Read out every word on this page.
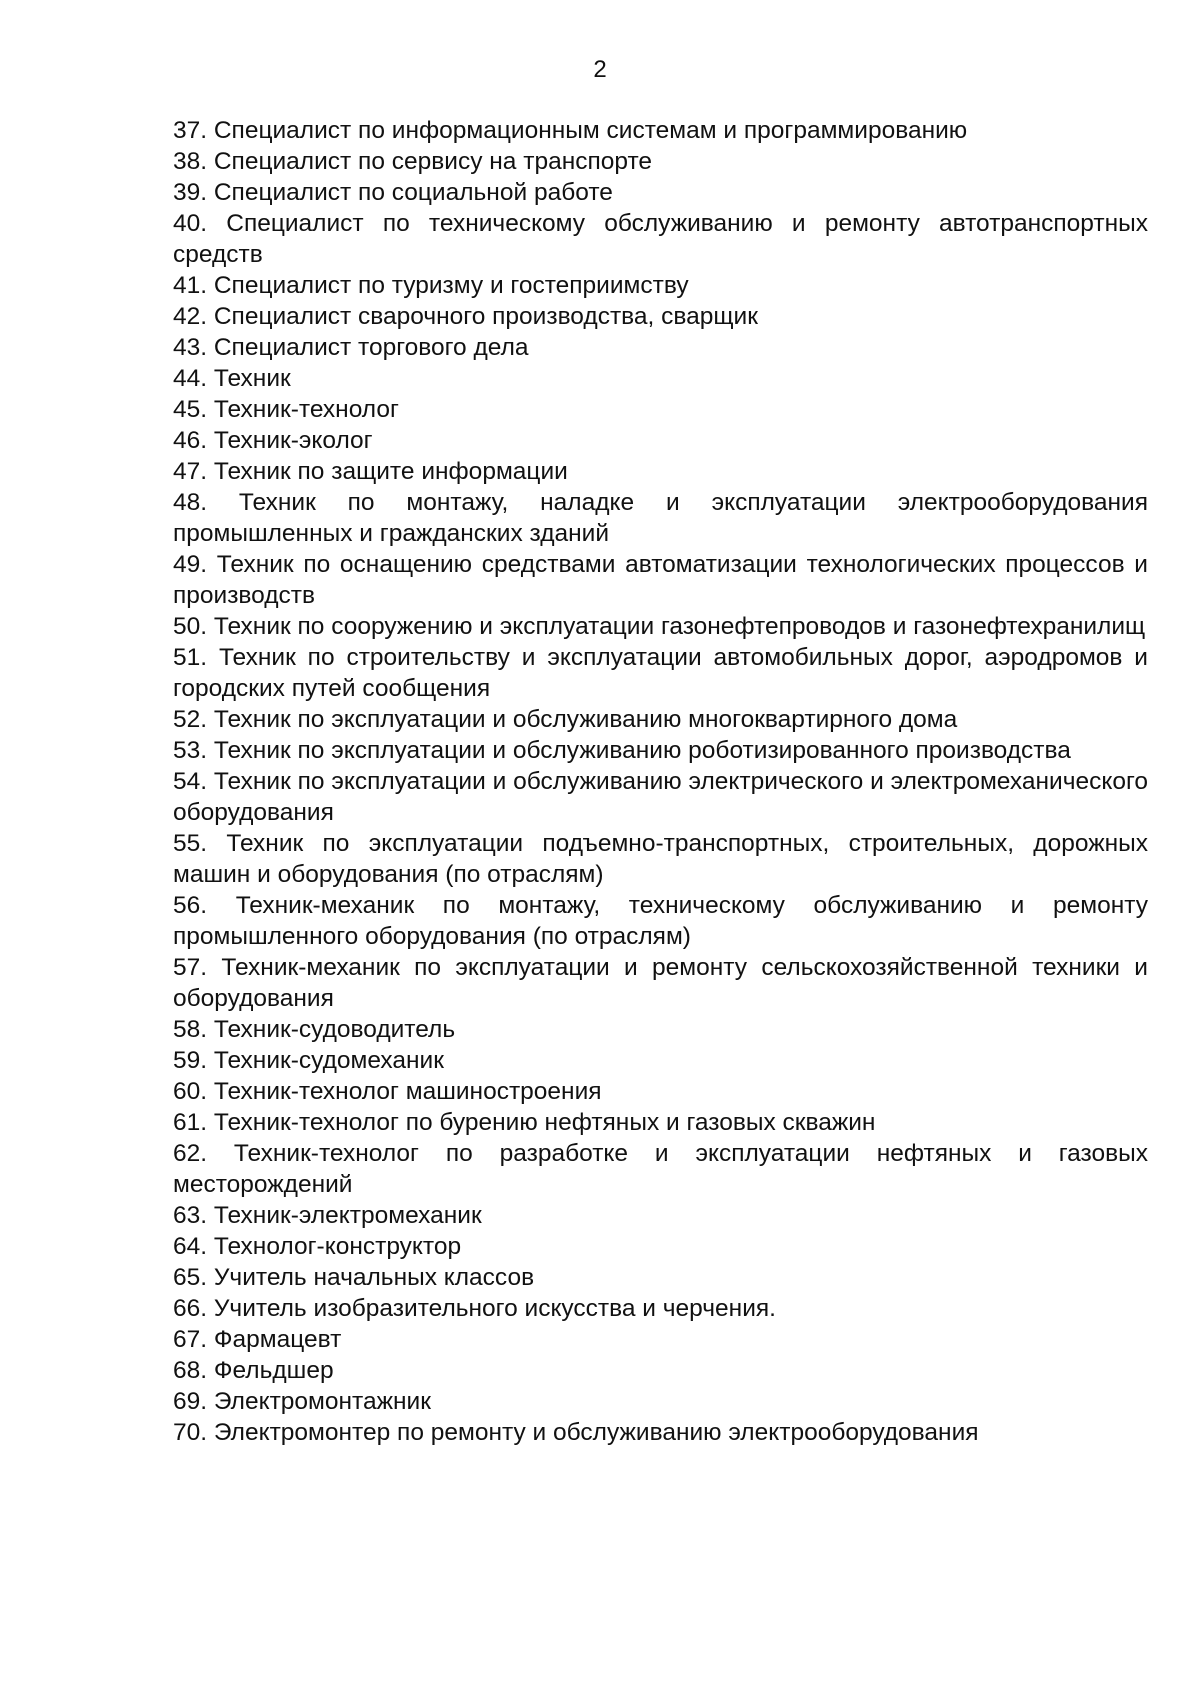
2
37. Специалист по информационным системам и программированию
38. Специалист по сервису на транспорте
39. Специалист по социальной работе
40. Специалист по техническому обслуживанию и ремонту автотранспортных средств
41. Специалист по туризму и гостеприимству
42. Специалист сварочного производства, сварщик
43. Специалист торгового дела
44. Техник
45. Техник-технолог
46. Техник-эколог
47. Техник по защите информации
48. Техник по монтажу, наладке и эксплуатации электрооборудования промышленных и гражданских зданий
49. Техник по оснащению средствами автоматизации технологических процессов и производств
50. Техник по сооружению и эксплуатации газонефтепроводов и газонефтехранилищ
51. Техник по строительству и эксплуатации автомобильных дорог, аэродромов и городских путей сообщения
52. Техник по эксплуатации и обслуживанию многоквартирного дома
53. Техник по эксплуатации и обслуживанию роботизированного производства
54. Техник по эксплуатации и обслуживанию электрического и электромеханического оборудования
55. Техник по эксплуатации подъемно-транспортных, строительных, дорожных машин и оборудования (по отраслям)
56. Техник-механик по монтажу, техническому обслуживанию и ремонту промышленного оборудования (по отраслям)
57. Техник-механик по эксплуатации и ремонту сельскохозяйственной техники и оборудования
58. Техник-судоводитель
59. Техник-судомеханик
60. Техник-технолог машиностроения
61. Техник-технолог по бурению нефтяных и газовых скважин
62. Техник-технолог по разработке и эксплуатации нефтяных и газовых месторождений
63. Техник-электромеханик
64. Технолог-конструктор
65. Учитель начальных классов
66. Учитель изобразительного искусства и черчения.
67. Фармацевт
68. Фельдшер
69. Электромонтажник
70. Электромонтер по ремонту и обслуживанию электрооборудования
